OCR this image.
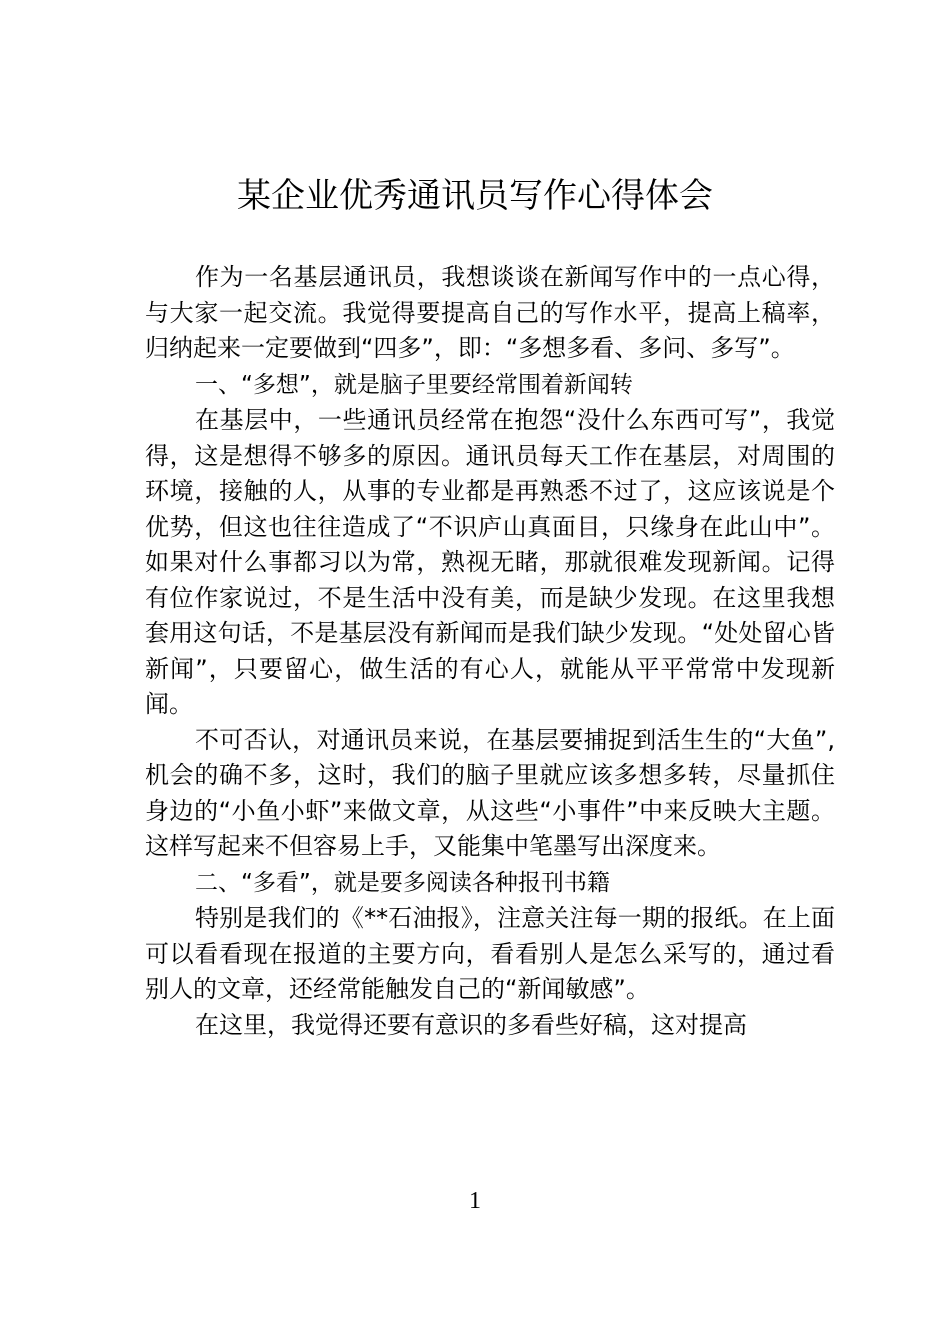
某企业优秀通讯员写作心得体会

作为一名基层通讯员，我想谈谈在新闻写作中的一点心得，与大家一起交流。我觉得要提高自己的写作水平，提高上稿率，归纳起来一定要做到“四多”，即：“多想多看、多问、多写”。

一、“多想”，就是脑子里要经常围着新闻转

在基层中，一些通讯员经常在抱怨“没什么东西可写”，我觉得，这是想得不够多的原因。通讯员每天工作在基层，对周围的环境，接触的人，从事的专业都是再熟悉不过了，这应该说是个优势，但这也往往造成了“不识庐山真面目，只缘身在此山中”。如果对什么事都习以为常，熟视无睹，那就很难发现新闻。记得有位作家说过，不是生活中没有美，而是缺少发现。在这里我想套用这句话，不是基层没有新闻而是我们缺少发现。“处处留心皆新闻”，只要留心，做生活的有心人，就能从平平常常中发现新闻。

不可否认，对通讯员来说，在基层要捕捉到活生生的“大鱼”,机会的确不多，这时，我们的脑子里就应该多想多转，尽量抓住身边的“小鱼小虾”来做文章，从这些“小事件”中来反映大主题。这样写起来不但容易上手，又能集中笔墨写出深度来。

二、“多看”，就是要多阅读各种报刊书籍

特别是我们的《**石油报》，注意关注每一期的报纸。在上面可以看看现在报道的主要方向，看看别人是怎么采写的，通过看别人的文章，还经常能触发自己的“新闻敏感”。

在这里，我觉得还要有意识的多看些好稿，这对提高

1
